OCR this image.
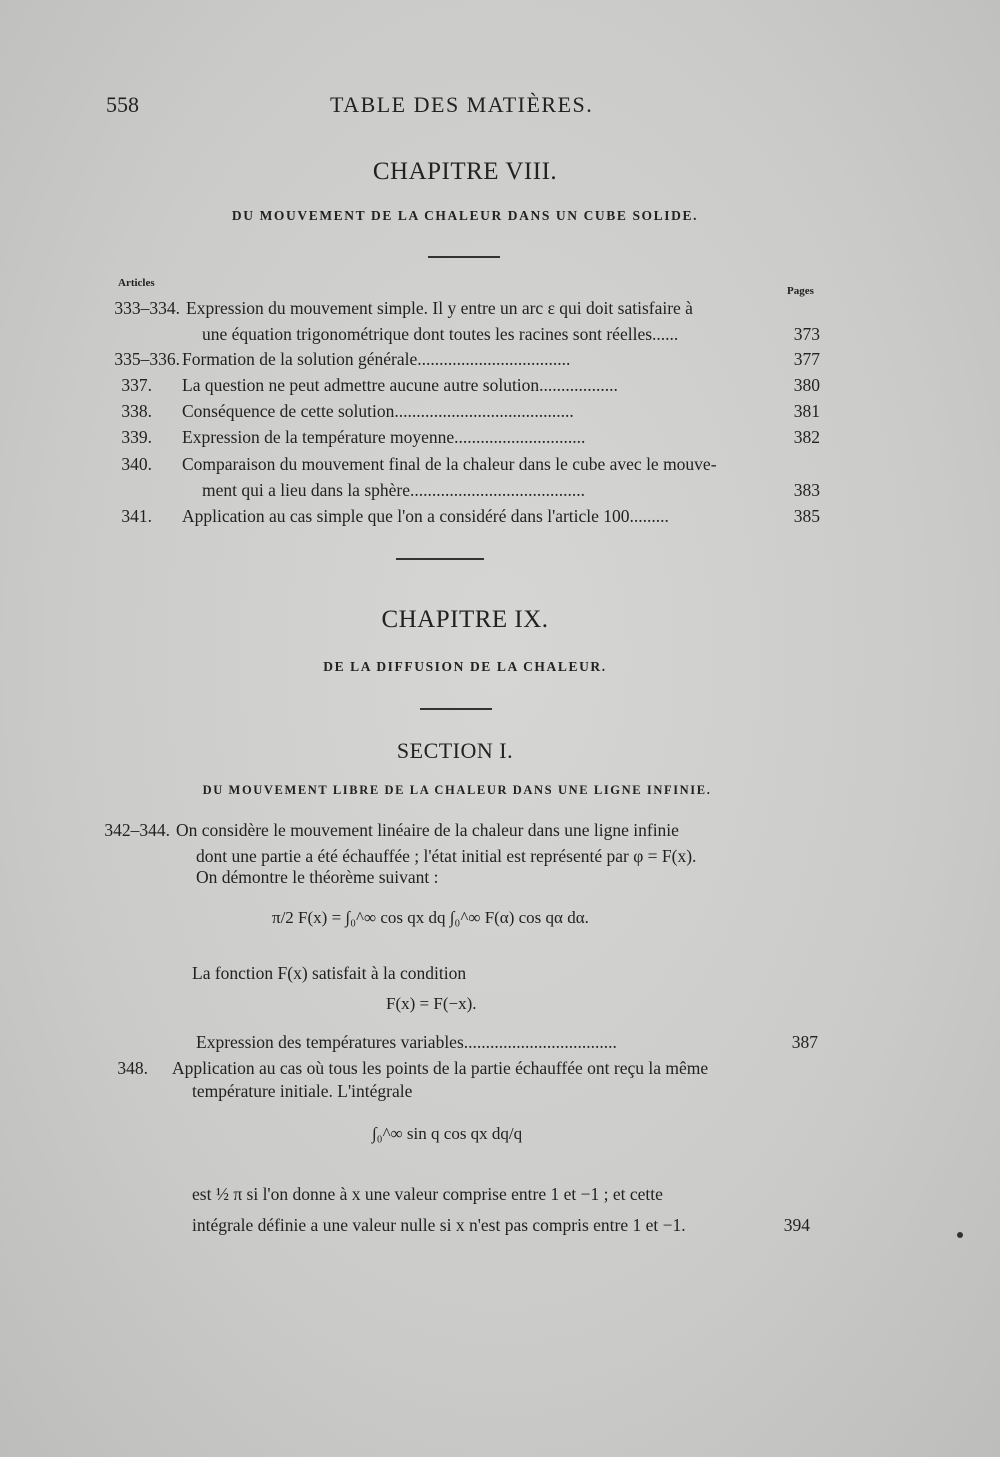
558	TABLE DES MATIÈRES.
CHAPITRE VIII.
DU MOUVEMENT DE LA CHALEUR DANS UN CUBE SOLIDE.
Articles
Pages
333–334. Expression du mouvement simple. Il y entre un arc ε qui doit satisfaire à
une équation trigonométrique dont toutes les racines sont réelles......	373
335–336. Formation de la solution générale...................................	377
337. La question ne peut admettre aucune autre solution..................	380
338. Conséquence de cette solution.........................................	381
339. Expression de la température moyenne..............................	382
340. Comparaison du mouvement final de la chaleur dans le cube avec le mouve-
ment qui a lieu dans la sphère........................................	383
341. Application au cas simple que l'on a considéré dans l'article 100.........	385
CHAPITRE IX.
DE LA DIFFUSION DE LA CHALEUR.
SECTION I.
DU MOUVEMENT LIBRE DE LA CHALEUR DANS UNE LIGNE INFINIE.
342–344. On considère le mouvement linéaire de la chaleur dans une ligne infinie
dont une partie a été échauffée ; l'état initial est représenté par φ = F(x).
On démontre le théorème suivant :
π/2 F(x) = ∫₀^∞ cos qx dq ∫₀^∞ F(α) cos qα dα.
La fonction F(x) satisfait à la condition
F(x) = F(−x).
Expression des températures variables...................................	387
348. Application au cas où tous les points de la partie échauffée ont reçu la même
température initiale. L'intégrale
∫₀^∞ sin q cos qx dq/q
est ½ π si l'on donne à x une valeur comprise entre 1 et −1 ; et cette
intégrale définie a une valeur nulle si x n'est pas compris entre 1 et −1.	394
